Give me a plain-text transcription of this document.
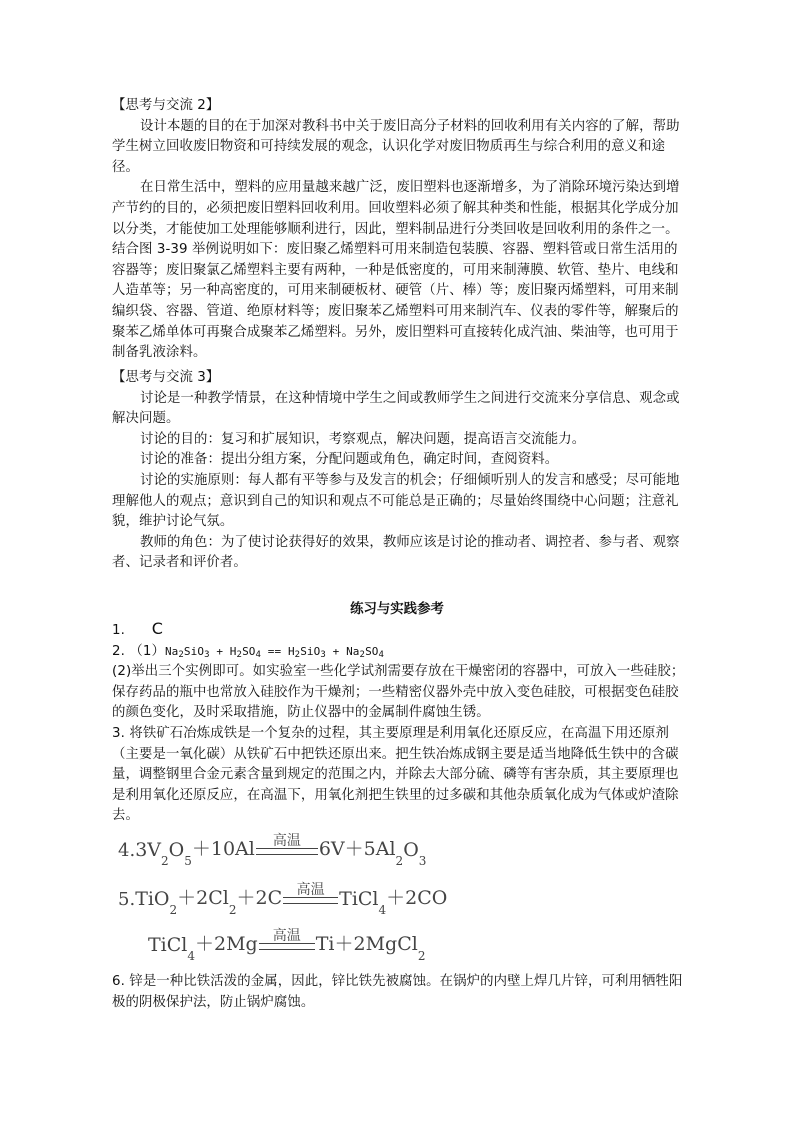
【思考与交流 2】

设计本题的目的在于加深对教科书中关于废旧高分子材料的回收利用有关内容的了解，帮助学生树立回收废旧物资和可持续发展的观念，认识化学对废旧物质再生与综合利用的意义和途径。

在日常生活中，塑料的应用量越来越广泛，废旧塑料也逐渐增多，为了消除环境污染达到增产节约的目的，必须把废旧塑料回收利用。回收塑料必须了解其种类和性能，根据其化学成分加以分类，才能使加工处理能够顺利进行，因此，塑料制品进行分类回收是回收利用的条件之一。结合图 3-39 举例说明如下：废旧聚乙烯塑料可用来制造包装膜、容器、塑料管或日常生活用的容器等；废旧聚氯乙烯塑料主要有两种，一种是低密度的，可用来制薄膜、软管、垫片、电线和人造革等；另一种高密度的，可用来制硬板材、硬管（片、棒）等；废旧聚丙烯塑料，可用来制编织袋、容器、管道、绝原材料等；废旧聚苯乙烯塑料可用来制汽车、仪表的零件等，解聚后的聚苯乙烯单体可再聚合成聚苯乙烯塑料。另外，废旧塑料可直接转化成汽油、柴油等，也可用于制备乳液涂料。

【思考与交流 3】

讨论是一种教学情景，在这种情境中学生之间或教师学生之间进行交流来分享信息、观念或解决问题。

讨论的目的：复习和扩展知识，考察观点，解决问题，提高语言交流能力。

讨论的准备：提出分组方案，分配问题或角色，确定时间，查阅资料。

讨论的实施原则：每人都有平等参与及发言的机会；仔细倾听别人的发言和感受；尽可能地理解他人的观点；意识到自己的知识和观点不可能总是正确的；尽量始终围绕中心问题；注意礼貌，维护讨论气氛。

教师的角色：为了使讨论获得好的效果，教师应该是讨论的推动者、调控者、参与者、观察者、记录者和评价者。

练习与实践参考

1. C

2. $(1)Na_2SiO_3 + H_2SO_4 == H_2SiO_3 + Na_2SO_4$

(2)举出三个实例即可。如实验室一些化学试剂需要存放在干燥密闭的容器中，可放入一些硅胶；保存药品的瓶中也常放入硅胶作为干燥剂；一些精密仪器外壳中放入变色硅胶，可根据变色硅胶的颜色变化，及时采取措施，防止仪器中的金属制件腐蚀生锈。

3. 将铁矿石冶炼成铁是一个复杂的过程，其主要原理是利用氧化还原反应，在高温下用还原剂（主要是一氧化碳）从铁矿石中把铁还原出来。把生铁冶炼成钢主要是适当地降低生铁中的含碳量，调整钢里合金元素含量到规定的范围之内，并除去大部分硫、磷等有害杂质，其主要原理也是利用氧化还原反应，在高温下，用氧化剂把生铁里的过多碳和其他杂质氧化成为气体或炉渣除去。

4. 3V 2 O 5
＋10Al 高温 6V＋5Al
2 O 3
5. TiO 2
＋2Cl
2
＋2C 高温 TiCl 4
＋2CO
TiCl 4
＋2Mg 高温 Ti＋2MgCl
2

6. 锌是一种比铁活泼的金属，因此，锌比铁先被腐蚀。在锅炉的内壁上焊几片锌，可利用牺牲阳极的阴极保护法，防止锅炉腐蚀。
